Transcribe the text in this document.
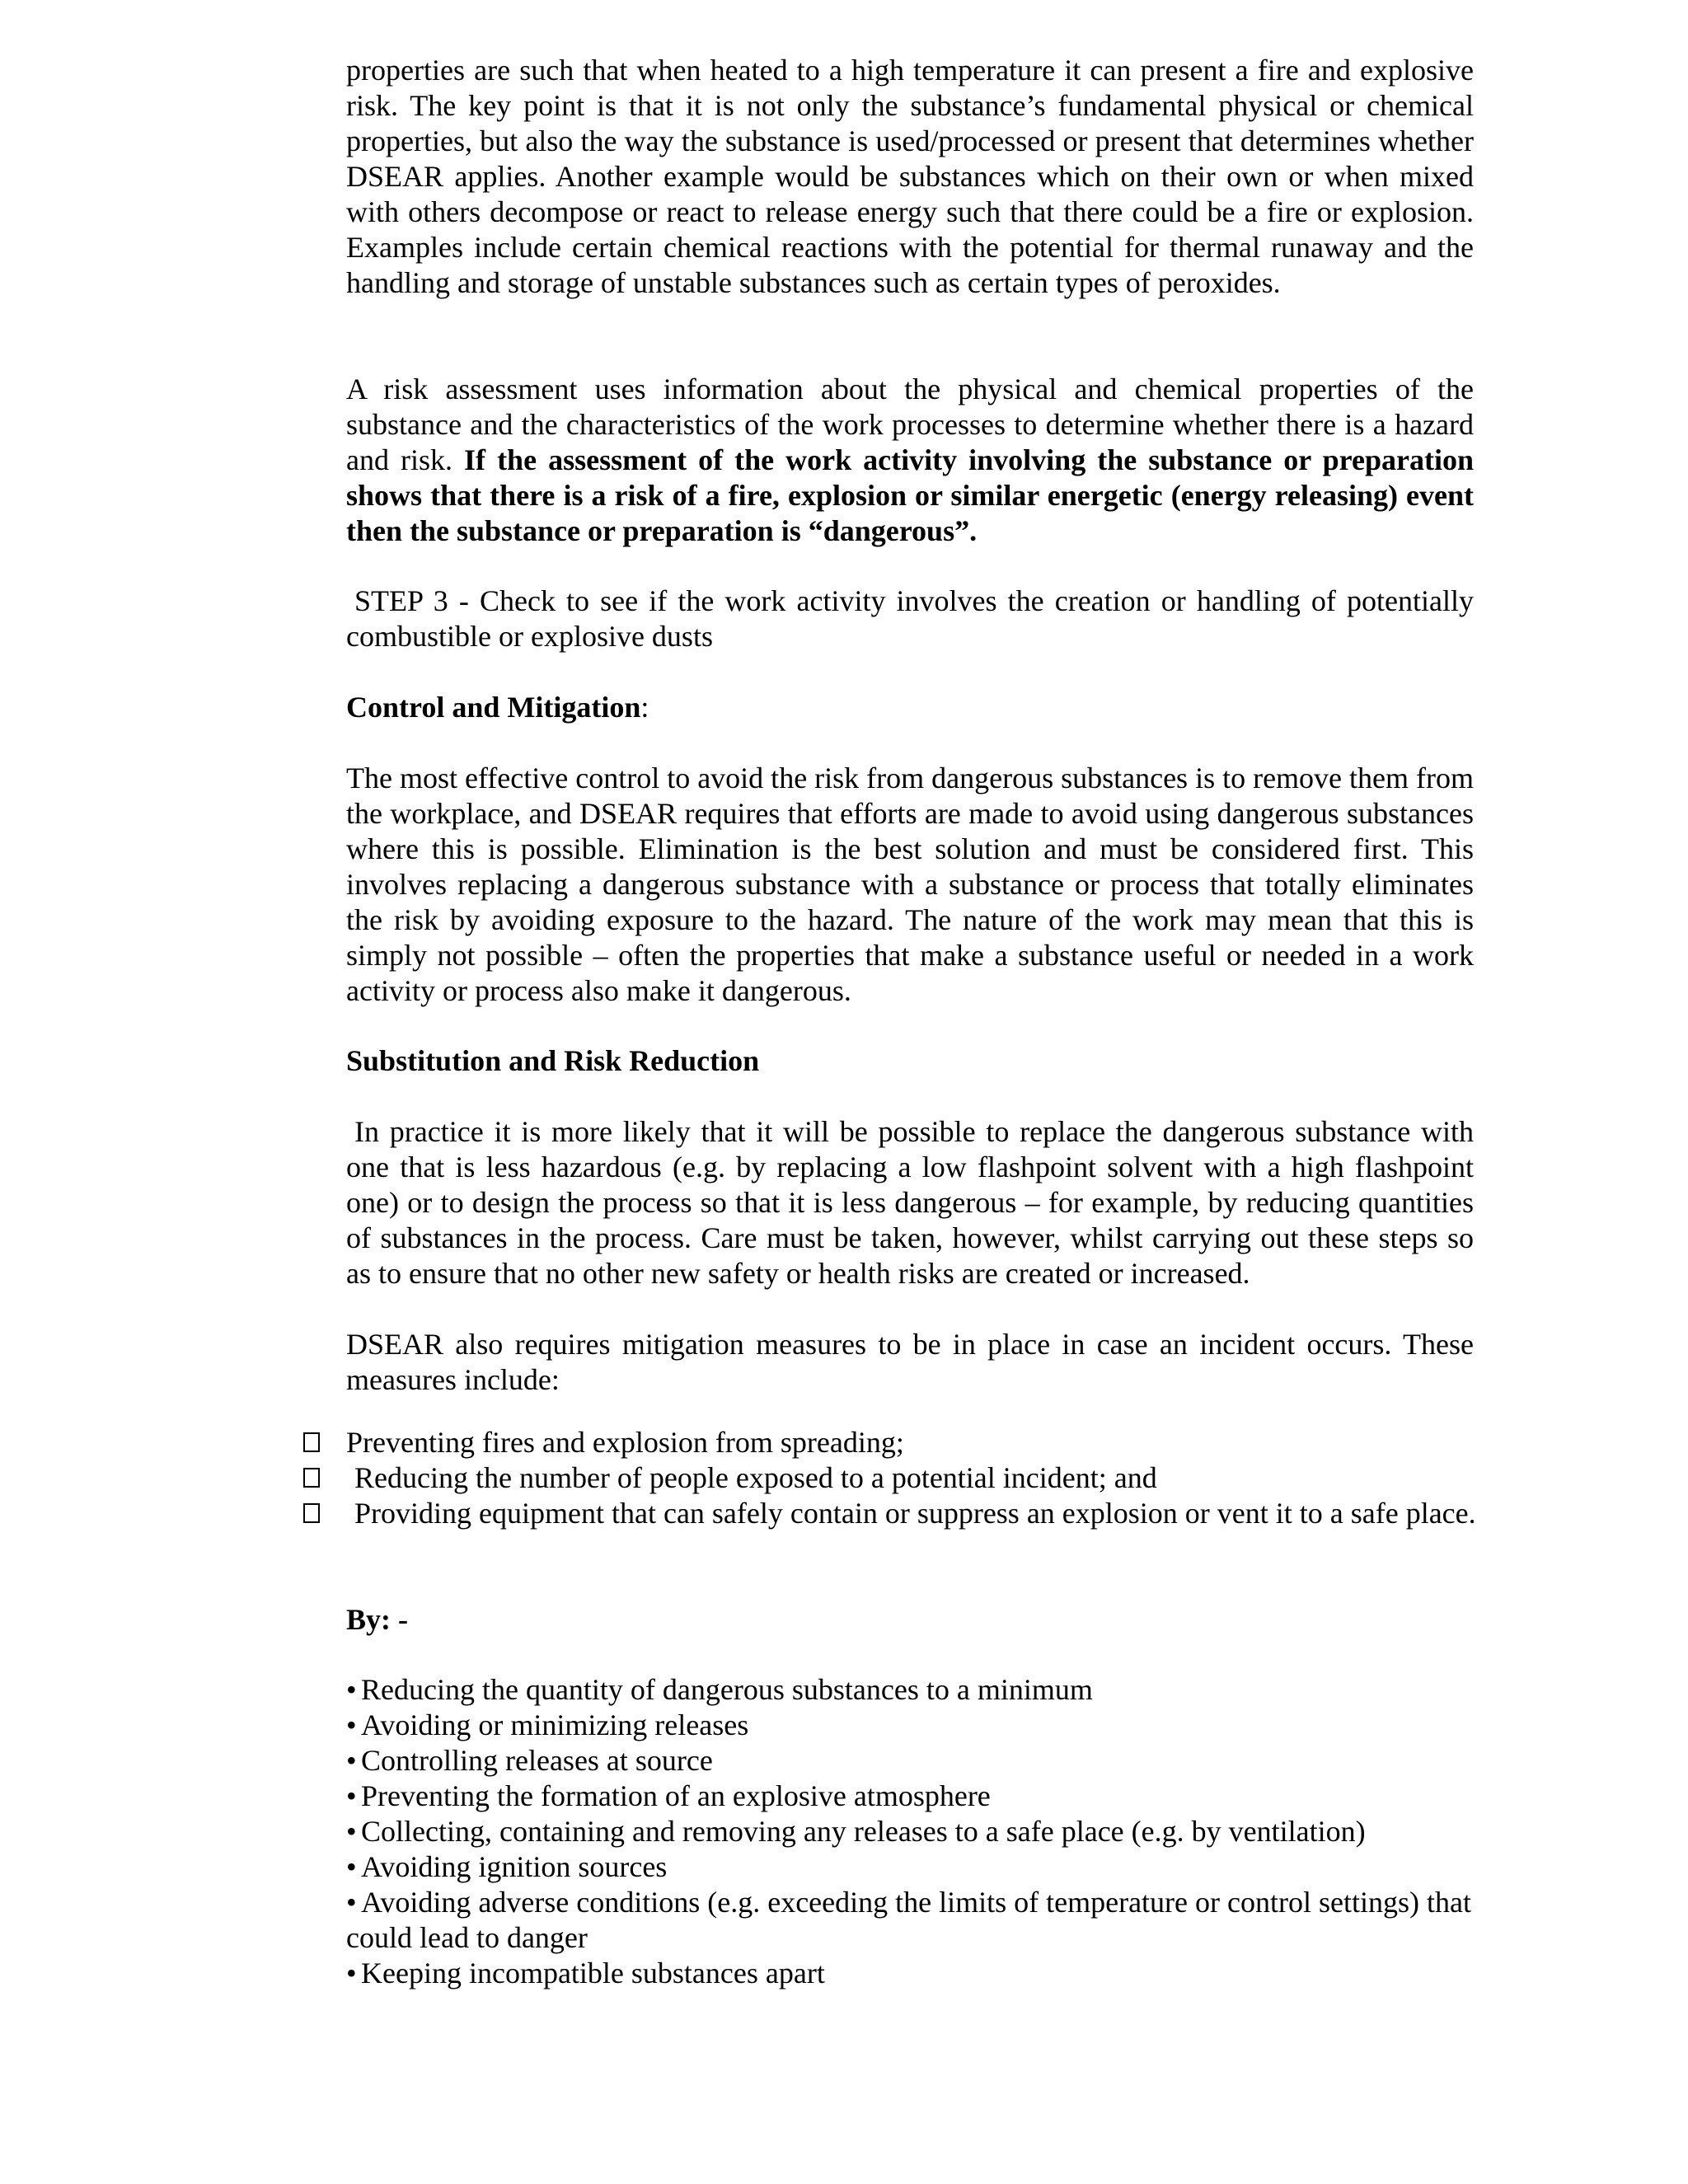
properties are such that when heated to a high temperature it can present a fire and explosive risk. The key point is that it is not only the substance’s fundamental physical or chemical properties, but also the way the substance is used/processed or present that determines whether DSEAR applies. Another example would be substances which on their own or when mixed with others decompose or react to release energy such that there could be a fire or explosion. Examples include certain chemical reactions with the potential for thermal runaway and the handling and storage of unstable substances such as certain types of peroxides.

A risk assessment uses information about the physical and chemical properties of the substance and the characteristics of the work processes to determine whether there is a hazard and risk. If the assessment of the work activity involving the substance or preparation shows that there is a risk of a fire, explosion or similar energetic (energy releasing) event then the substance or preparation is “dangerous”.

STEP 3 - Check to see if the work activity involves the creation or handling of potentially combustible or explosive dusts

Control and Mitigation:

The most effective control to avoid the risk from dangerous substances is to remove them from the workplace, and DSEAR requires that efforts are made to avoid using dangerous substances where this is possible. Elimination is the best solution and must be considered first. This involves replacing a dangerous substance with a substance or process that totally eliminates the risk by avoiding exposure to the hazard. The nature of the work may mean that this is simply not possible – often the properties that make a substance useful or needed in a work activity or process also make it dangerous.

Substitution and Risk Reduction

In practice it is more likely that it will be possible to replace the dangerous substance with one that is less hazardous (e.g. by replacing a low flashpoint solvent with a high flashpoint one) or to design the process so that it is less dangerous – for example, by reducing quantities of substances in the process. Care must be taken, however, whilst carrying out these steps so as to ensure that no other new safety or health risks are created or increased.

DSEAR also requires mitigation measures to be in place in case an incident occurs. These measures include:

Preventing fires and explosion from spreading;
Reducing the number of people exposed to a potential incident; and
Providing equipment that can safely contain or suppress an explosion or vent it to a safe place.

By: -

• Reducing the quantity of dangerous substances to a minimum
• Avoiding or minimizing releases
• Controlling releases at source
• Preventing the formation of an explosive atmosphere
• Collecting, containing and removing any releases to a safe place (e.g. by ventilation)
• Avoiding ignition sources
• Avoiding adverse conditions (e.g. exceeding the limits of temperature or control settings) that could lead to danger
• Keeping incompatible substances apart
